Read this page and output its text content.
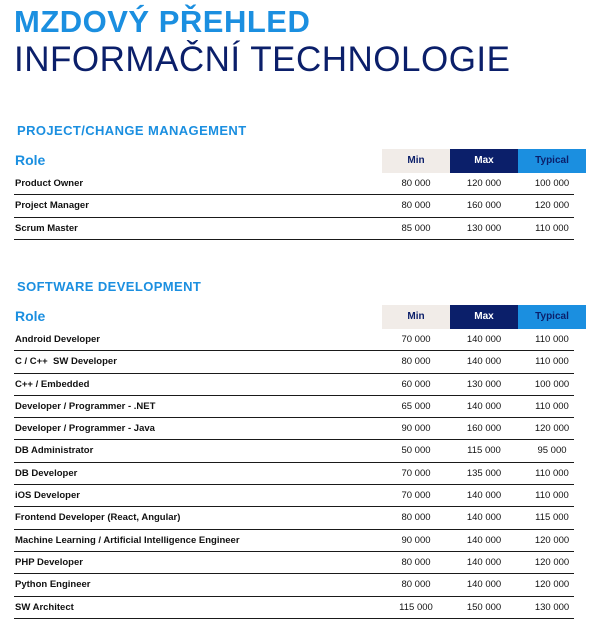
MZDOVÝ PŘEHLED
INFORMAČNÍ TECHNOLOGIE
PROJECT/CHANGE MANAGEMENT
Role	Min	Max	Typical
Product Owner	80 000	120 000	100 000
Project Manager	80 000	160 000	120 000
Scrum Master	85 000	130 000	110 000
SOFTWARE DEVELOPMENT
Role	Min	Max	Typical
Android Developer	70 000	140 000	110 000
C / C++  SW Developer	80 000	140 000	110 000
C++ / Embedded	60 000	130 000	100 000
Developer / Programmer - .NET	65 000	140 000	110 000
Developer / Programmer - Java	90 000	160 000	120 000
DB Administrator	50 000	115 000	95 000
DB Developer	70 000	135 000	110 000
iOS Developer	70 000	140 000	110 000
Frontend Developer (React, Angular)	80 000	140 000	115 000
Machine Learning / Artificial Intelligence Engineer	90 000	140 000	120 000
PHP Developer	80 000	140 000	120 000
Python Engineer	80 000	140 000	120 000
SW Architect	115 000	150 000	130 000
